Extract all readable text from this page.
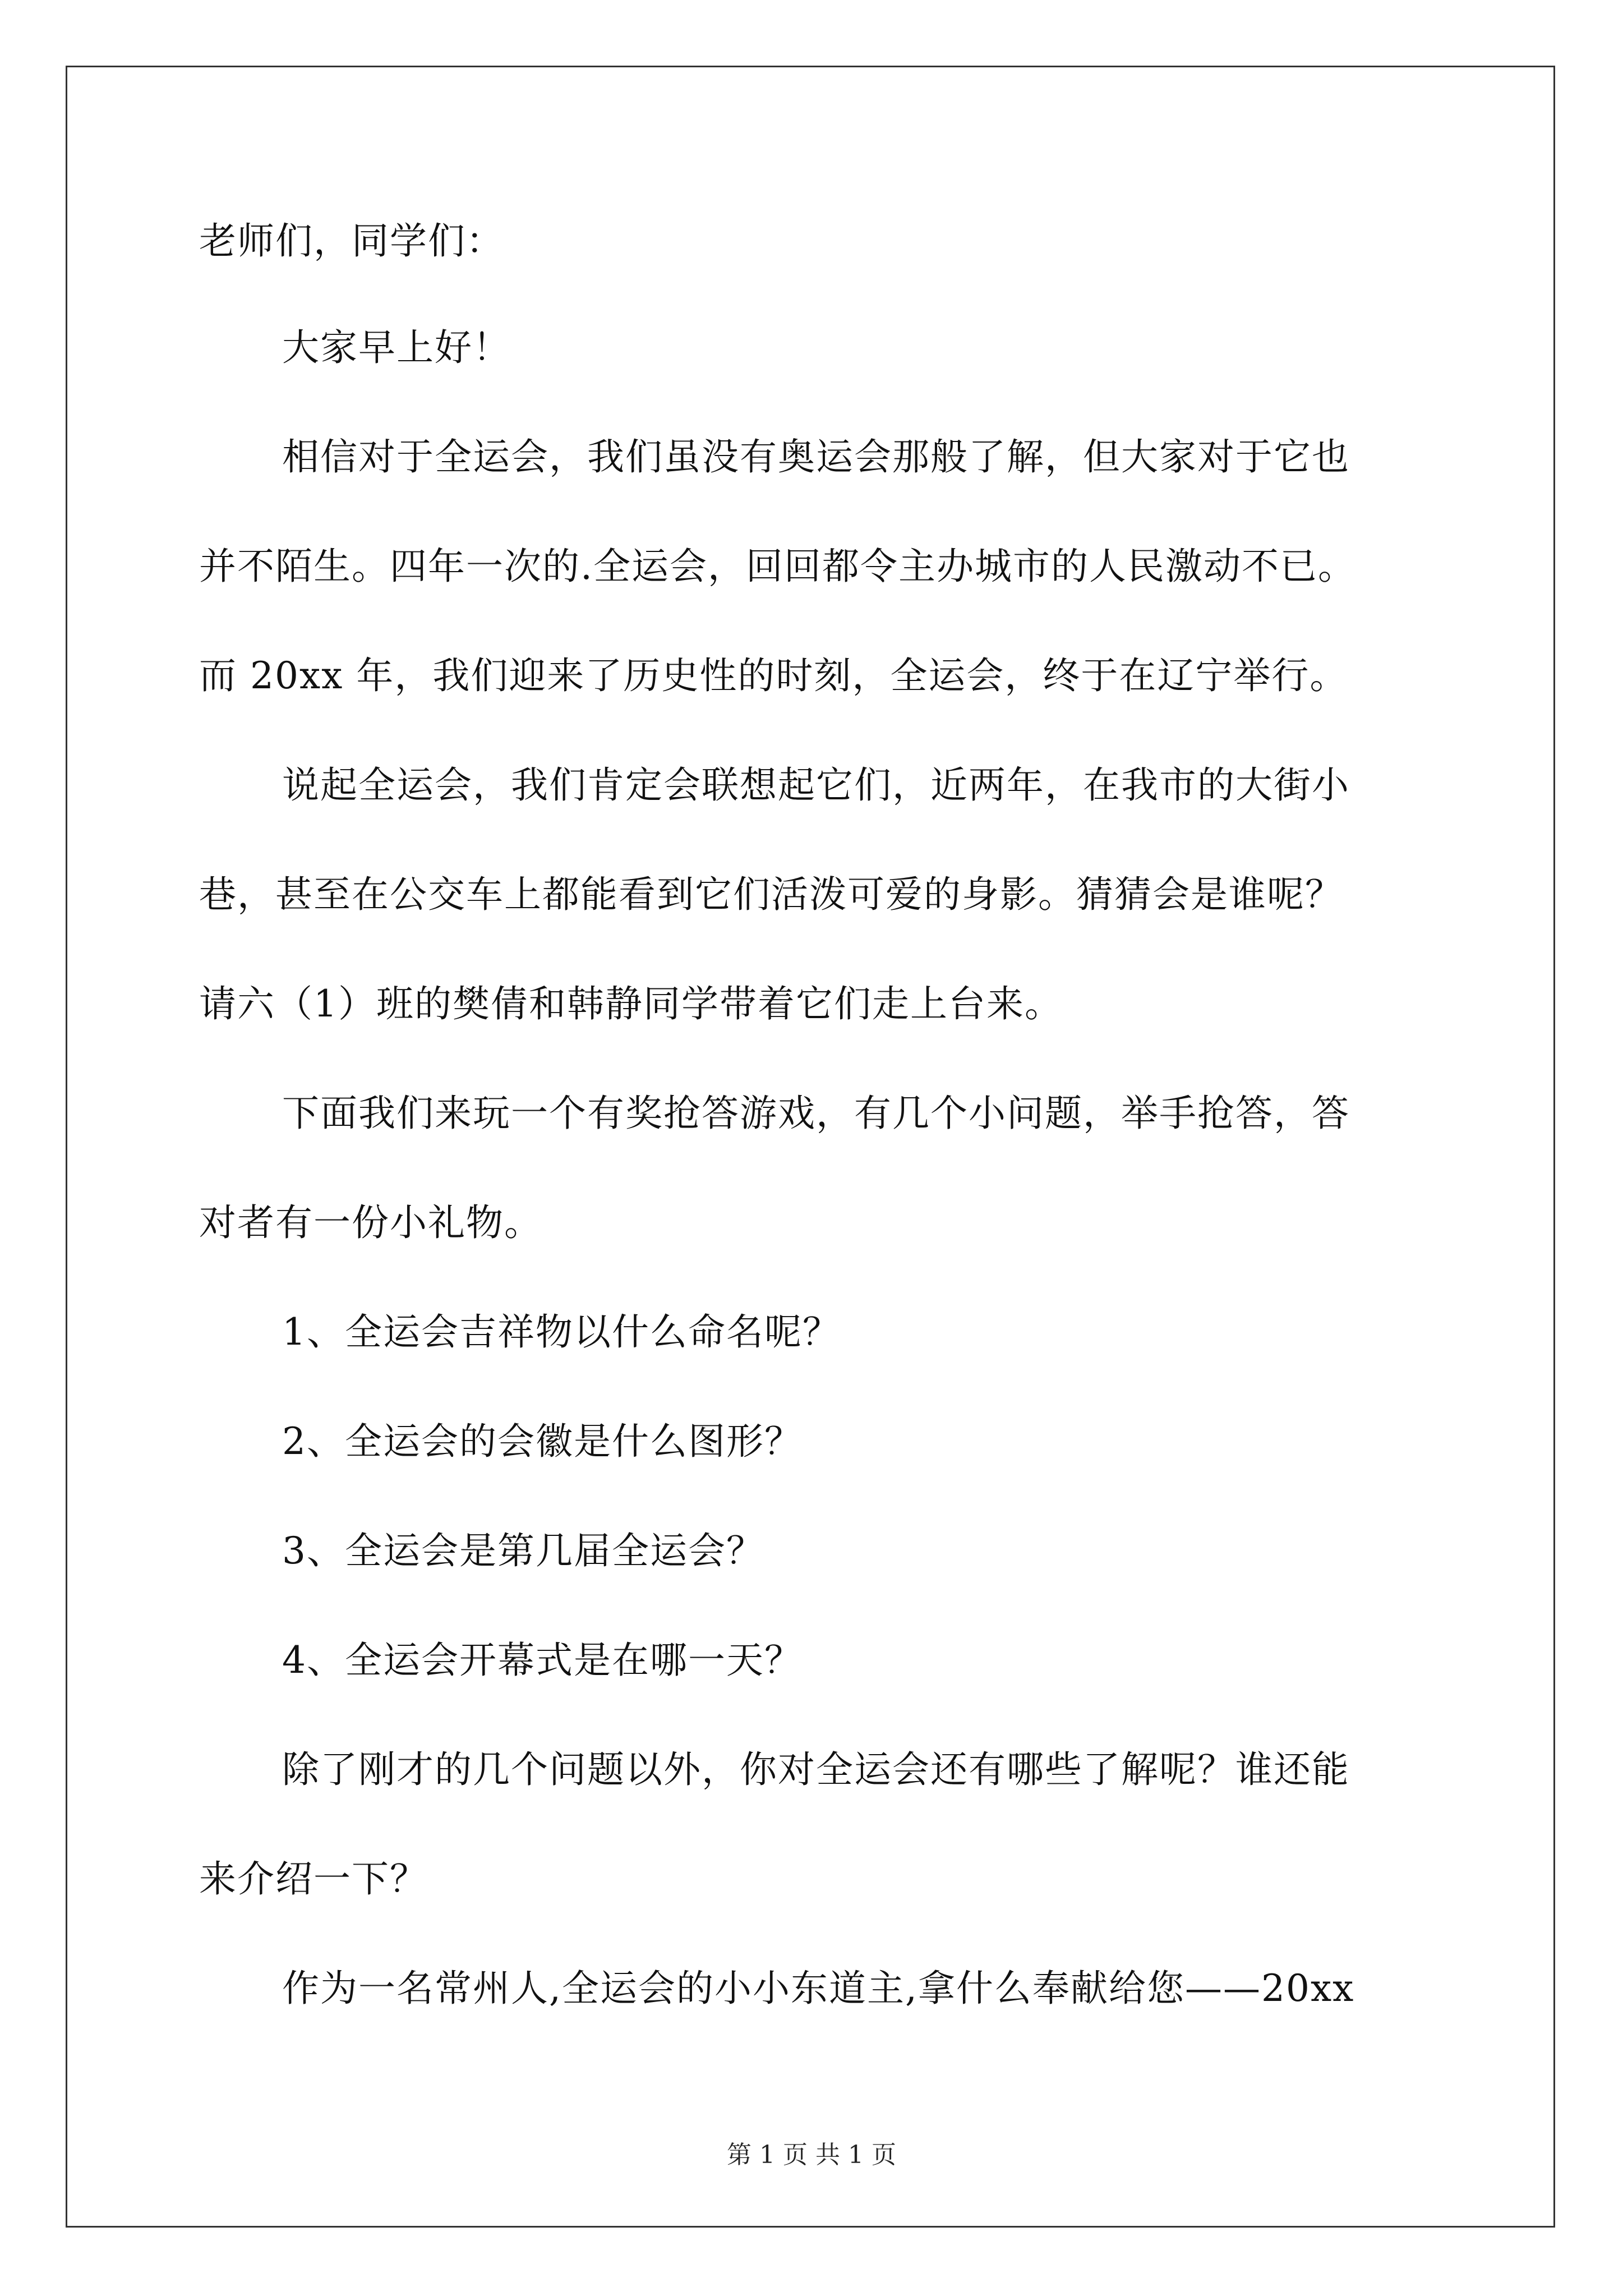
老师们，同学们：
大家早上好！
相信对于全运会，我们虽没有奥运会那般了解，但大家对于它也
并不陌生。四年一次的.全运会，回回都令主办城市的人民激动不已。
而 20xx 年，我们迎来了历史性的时刻，全运会，终于在辽宁举行。
说起全运会，我们肯定会联想起它们，近两年，在我市的大街小
巷，甚至在公交车上都能看到它们活泼可爱的身影。猜猜会是谁呢？
请六（1）班的樊倩和韩静同学带着它们走上台来。
下面我们来玩一个有奖抢答游戏，有几个小问题，举手抢答，答
对者有一份小礼物。
1、全运会吉祥物以什么命名呢？
2、全运会的会徽是什么图形？
3、全运会是第几届全运会？
4、全运会开幕式是在哪一天？
除了刚才的几个问题以外，你对全运会还有哪些了解呢？谁还能
来介绍一下？
作为一名常州人,全运会的小小东道主,拿什么奉献给您——20xx
第 1 页 共 1 页
